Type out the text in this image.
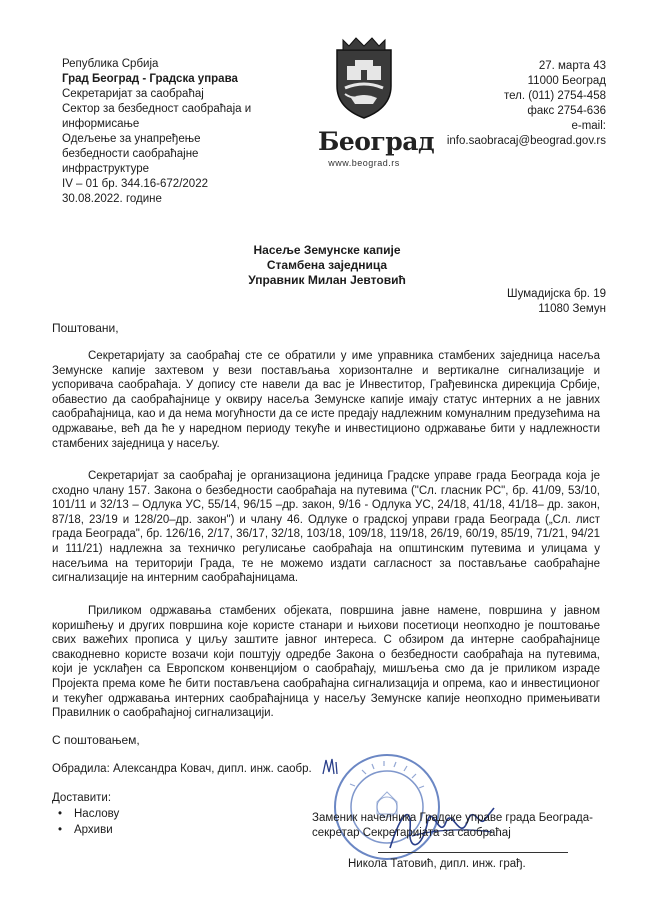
Република Србија
Град Београд - Градска управа
Секретаријат за саобраћај
Сектор за безбедност саобраћаја и
информисање
Одељење за унапређење
безбедности саобраћајне
инфраструктуре
IV – 01 бр. 344.16-672/2022
30.08.2022. године
Београд
www.beograd.rs
27. марта 43
11000 Београд
тел. (011) 2754-458
факс 2754-636
e-mail:
info.saobracaj@beograd.gov.rs
Насеље Земунске капије
Стамбена заједница
Управник Милан Јевтовић
Шумадијска бр. 19
11080 Земун
Поштовани,

Секретаријату за саобраћај сте се обратили у име управника стамбених заједница насеља Земунске капије захтевом у вези постављања хоризонталне и вертикалне сигнализације и успоривача саобраћаја. У допису сте навели да вас је Инвеститор, Грађевинска дирекција Србије, обавестио да саобраћајнице у оквиру насеља Земунске капије имају статус интерних а не јавних саобраћајница, као и да нема могућности да се исте предају надлежним комуналним предузећима на одржавање, већ да ће у наредном периоду текуће и инвестиционо одржавање бити у надлежности стамбених заједница у насељу.

Секретаријат за саобраћај је организациона јединица Градске управе града Београда која је сходно члану 157. Закона о безбедности саобраћаја на путевима ("Сл. гласник РС", бр. 41/09, 53/10, 101/11 и 32/13 – Одлука УС, 55/14, 96/15 –др. закон, 9/16 - Одлука УС, 24/18, 41/18, 41/18– др. закон, 87/18, 23/19 и 128/20–др. закон") и члану 46. Одлуке о градској управи града Београда („Сл. лист града Београда", бр. 126/16, 2/17, 36/17, 32/18, 103/18, 109/18, 119/18, 26/19, 60/19, 85/19, 71/21, 94/21 и 111/21) надлежна за техничко регулисање саобраћаја на општинским путевима и улицама у насељима на територији Града, те не можемо издати сагласност за постављање саобраћајне сигнализације на интерним саобраћајницама.

Приликом одржавања стамбених објеката, површина јавне намене, површина у јавном коришћењу и других површина које користе станари и њихови посетиоци неопходно је поштовање свих важећих прописа у циљу заштите јавног интереса. С обзиром да интерне саобраћајнице свакодневно користе возачи који поштују одредбе Закона о безбедности саобраћаја на путевима, који је усклађен са Европском конвенцијом о саобраћају, мишљења смо да је приликом израде Пројекта према коме ће бити постављена саобраћајна сигнализација и опрема, као и инвестиционог и текућег одржавања интерних саобраћајница у насељу Земунске капије неопходно примењивати Правилник о саобраћајној сигнализацији.

С поштовањем,
Обрадила: Александра Ковач, дипл. инж. саобр.
Доставити:
• Наслову
• Архиви
Заменик начелника Градске управе града Београда-
секретар Секретаријата за саобраћај
Никола Татовић, дипл. инж. грађ.
